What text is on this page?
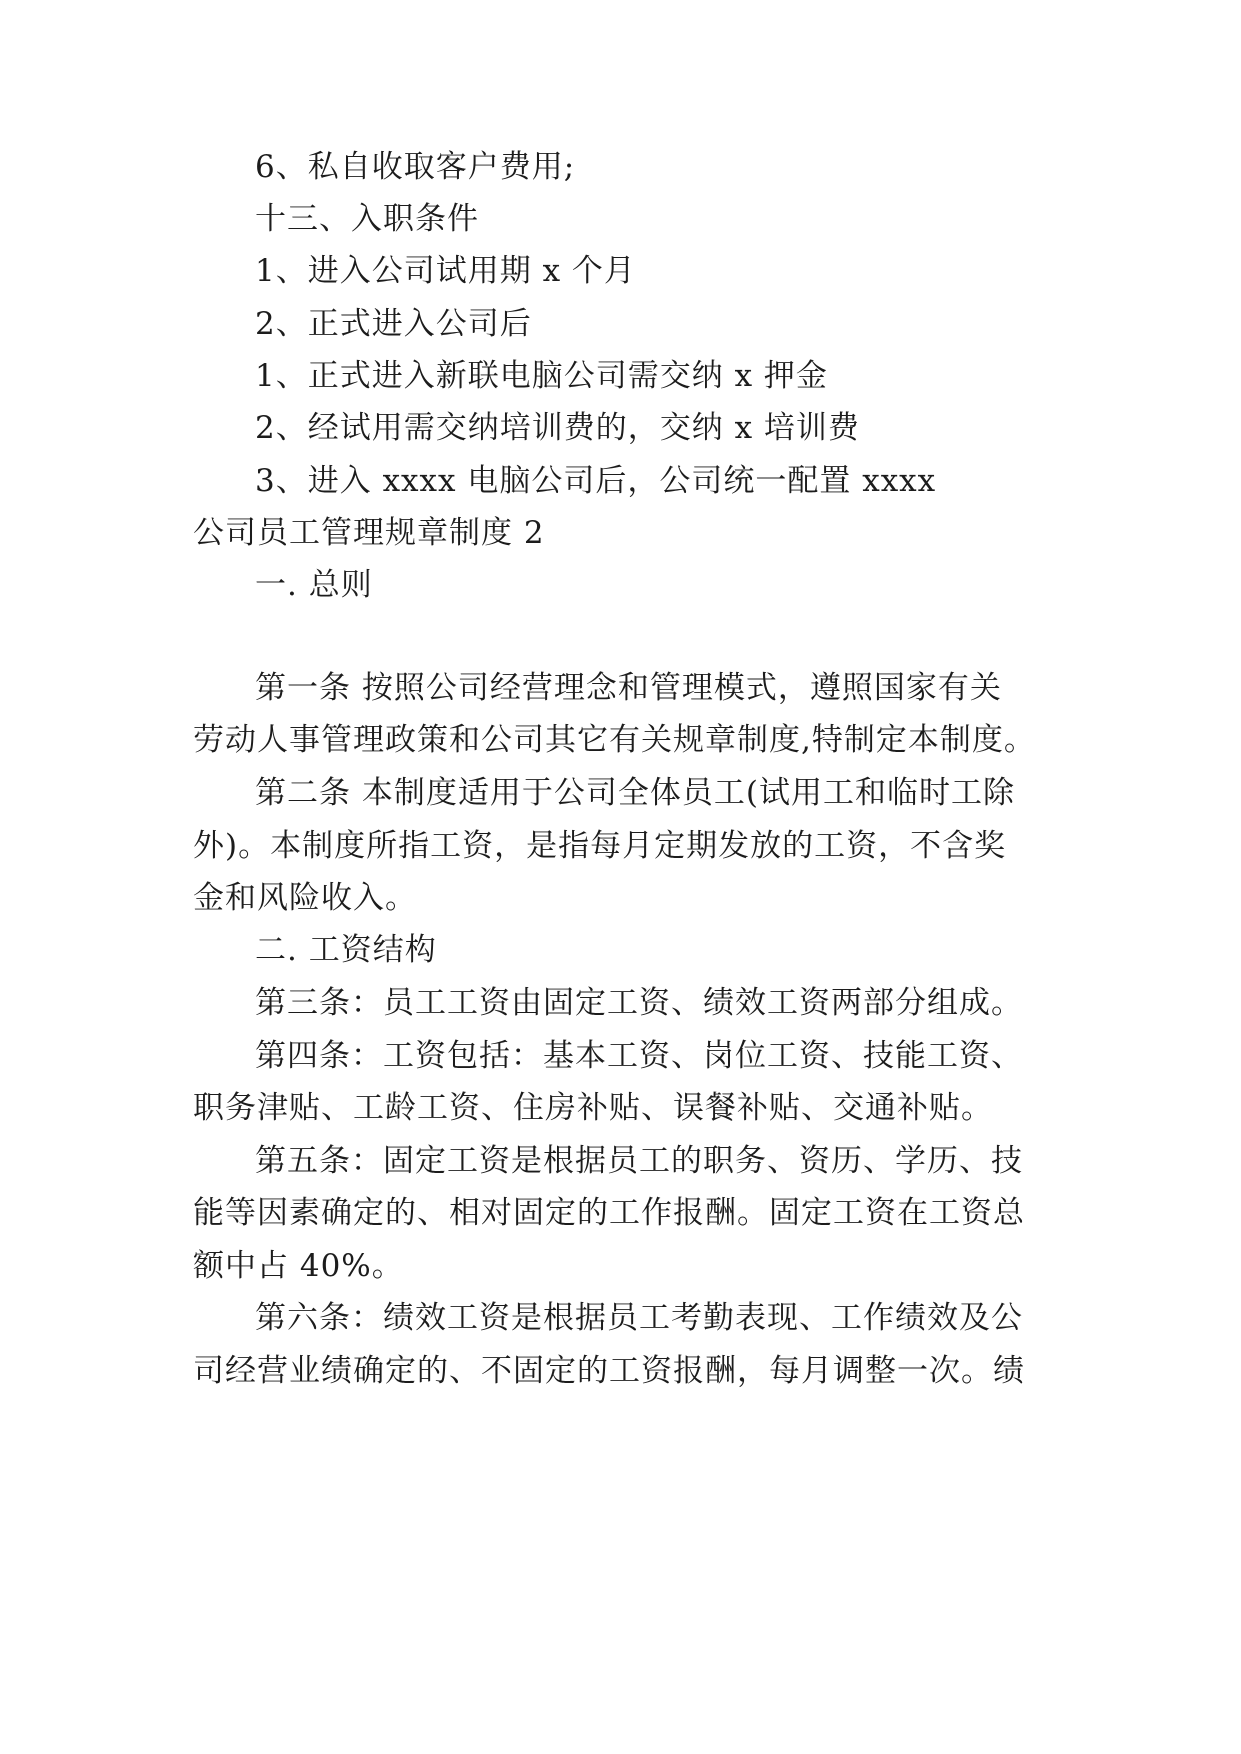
6、私自收取客户费用;
十三、入职条件
1、进入公司试用期 x 个月
2、正式进入公司后
1、正式进入新联电脑公司需交纳 x 押金
2、经试用需交纳培训费的，交纳 x 培训费
3、进入 xxxx 电脑公司后，公司统一配置 xxxx
公司员工管理规章制度 2
一. 总则
第一条 按照公司经营理念和管理模式，遵照国家有关
劳动人事管理政策和公司其它有关规章制度,特制定本制度。
第二条 本制度适用于公司全体员工(试用工和临时工除
外)。本制度所指工资，是指每月定期发放的工资，不含奖
金和风险收入。
二. 工资结构
第三条：员工工资由固定工资、绩效工资两部分组成。
第四条：工资包括：基本工资、岗位工资、技能工资、
职务津贴、工龄工资、住房补贴、误餐补贴、交通补贴。
第五条：固定工资是根据员工的职务、资历、学历、技
能等因素确定的、相对固定的工作报酬。固定工资在工资总
额中占 40%。
第六条：绩效工资是根据员工考勤表现、工作绩效及公
司经营业绩确定的、不固定的工资报酬，每月调整一次。绩
